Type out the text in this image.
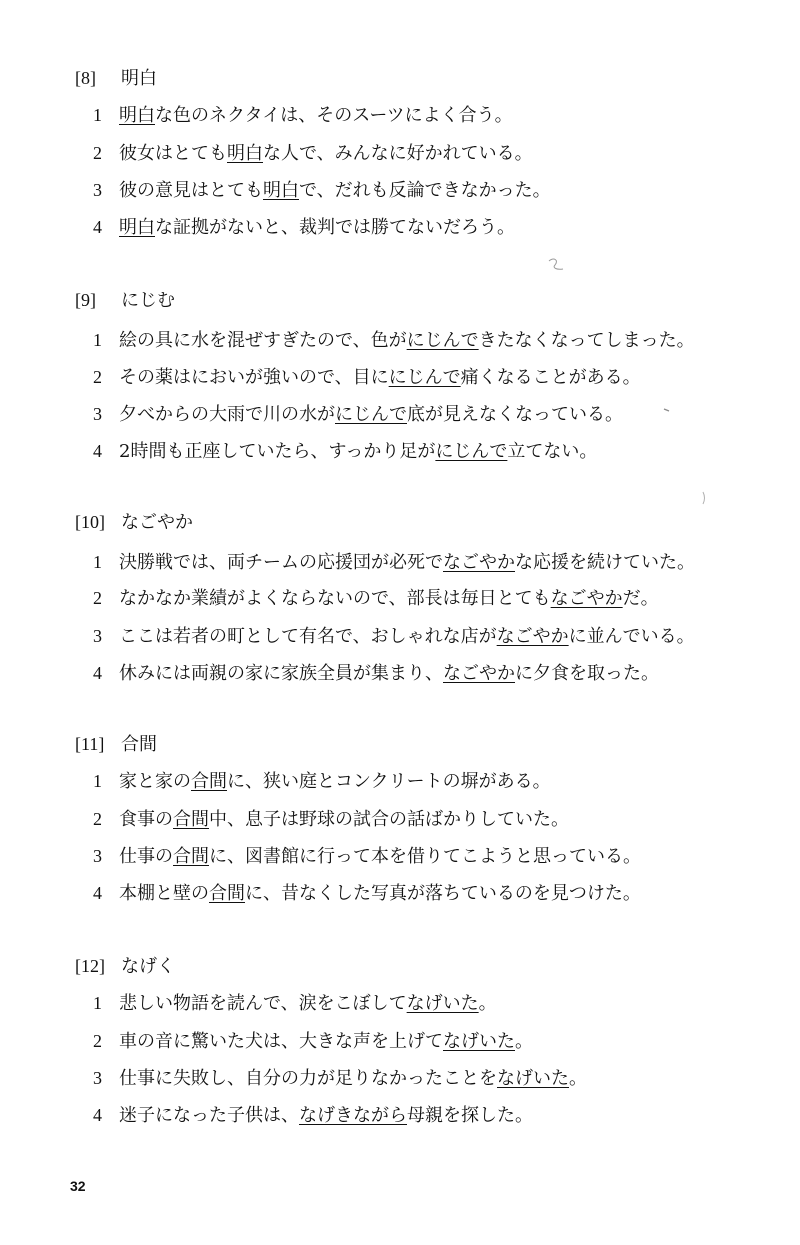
[8] 明白
1 明白な色のネクタイは、そのスーツによく合う。
2 彼女はとても明白な人で、みんなに好かれている。
3 彼の意見はとても明白で、だれも反論できなかった。
4 明白な証拠がないと、裁判では勝てないだろう。
[9] にじむ
1 絵の具に水を混ぜすぎたので、色がにじんできたなくなってしまった。
2 その薬はにおいが強いので、目ににじんで痛くなることがある。
3 夕べからの大雨で川の水がにじんで底が見えなくなっている。
4 2時間も正座していたら、すっかり足がにじんで立てない。
[10] なごやか
1 決勝戦では、両チームの応援団が必死でなごやかな応援を続けていた。
2 なかなか業績がよくならないので、部長は毎日とてもなごやかだ。
3 ここは若者の町として有名で、おしゃれな店がなごやかに並んでいる。
4 休みには両親の家に家族全員が集まり、なごやかに夕食を取った。
[11] 合間
1 家と家の合間に、狭い庭とコンクリートの塀がある。
2 食事の合間中、息子は野球の試合の話ばかりしていた。
3 仕事の合間に、図書館に行って本を借りてこようと思っている。
4 本棚と壁の合間に、昔なくした写真が落ちているのを見つけた。
[12] なげく
1 悲しい物語を読んで、涙をこぼしてなげいた。
2 車の音に驚いた犬は、大きな声を上げてなげいた。
3 仕事に失敗し、自分の力が足りなかったことをなげいた。
4 迷子になった子供は、なげきながら母親を探した。
32
